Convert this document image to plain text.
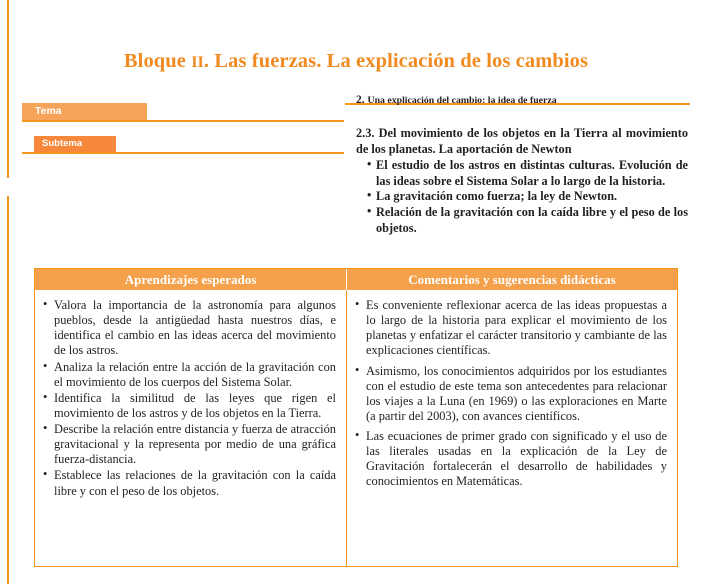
Bloque II. Las fuerzas. La explicación de los cambios
Tema
Subtema
2. Una explicación del cambio: la idea de fuerza
2.3. Del movimiento de los objetos en la Tierra al movimiento de los planetas. La aportación de Newton
• El estudio de los astros en distintas culturas. Evolución de las ideas sobre el Sistema Solar a lo largo de la historia.
• La gravitación como fuerza; la ley de Newton.
• Relación de la gravitación con la caída libre y el peso de los objetos.
Aprendizajes esperados	Comentarios y sugerencias didácticas
• Valora la importancia de la astronomía para algunos pueblos, desde la antigüedad hasta nuestros días, e identifica el cambio en las ideas acerca del movimiento de los astros.
• Analiza la relación entre la acción de la gravitación con el movimiento de los cuerpos del Sistema Solar.
• Identifica la similitud de las leyes que rigen el movimiento de los astros y de los objetos en la Tierra.
• Describe la relación entre distancia y fuerza de atracción gravitacional y la representa por medio de una gráfica fuerza-distancia.
• Establece las relaciones de la gravitación con la caída libre y con el peso de los objetos.
• Es conveniente reflexionar acerca de las ideas propuestas a lo largo de la historia para explicar el movimiento de los planetas y enfatizar el carácter transitorio y cambiante de las explicaciones científicas.
• Asimismo, los conocimientos adquiridos por los estudiantes con el estudio de este tema son antecedentes para relacionar los viajes a la Luna (en 1969) o las exploraciones en Marte (a partir del 2003), con avances científicos.
• Las ecuaciones de primer grado con significado y el uso de las literales usadas en la explicación de la Ley de Gravitación fortalecerán el desarrollo de habilidades y conocimientos en Matemáticas.
